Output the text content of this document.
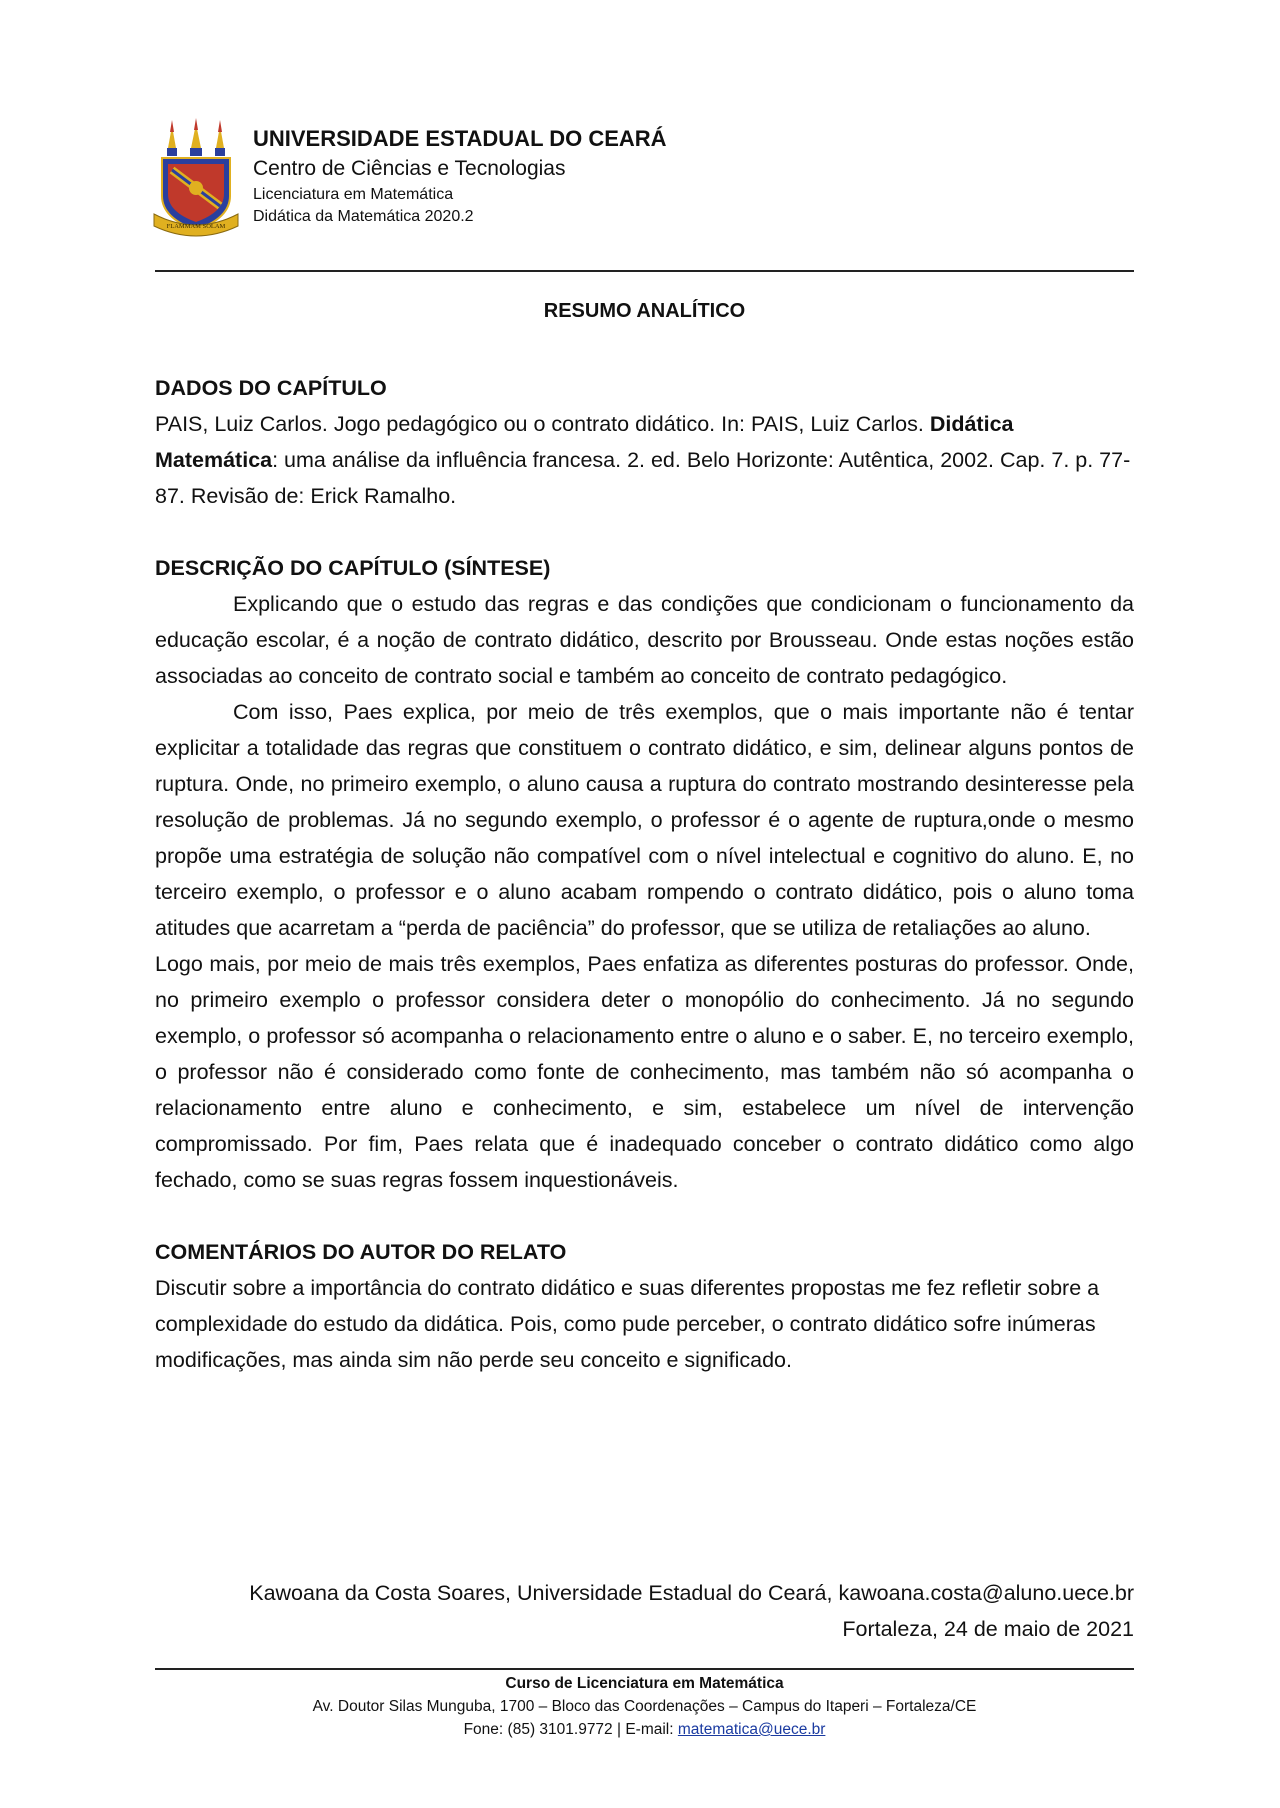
FLAMMAM SOLAM
UNIVERSIDADE ESTADUAL DO CEARÁ
Centro de Ciências e Tecnologias
Licenciatura em Matemática
Didática da Matemática 2020.2
RESUMO ANALÍTICO
DADOS DO CAPÍTULO

PAIS, Luiz Carlos. Jogo pedagógico ou o contrato didático. In: PAIS, Luiz Carlos. Didática Matemática: uma análise da influência francesa. 2. ed. Belo Horizonte: Autêntica, 2002. Cap. 7. p. 77-87. Revisão de: Erick Ramalho.

DESCRIÇÃO DO CAPÍTULO (SÍNTESE)

Explicando que o estudo das regras e das condições que condicionam o funcionamento da educação escolar, é a noção de contrato didático, descrito por Brousseau. Onde estas noções estão associadas ao conceito de contrato social e também ao conceito de contrato pedagógico.

Com isso, Paes explica, por meio de três exemplos, que o mais importante não é tentar explicitar a totalidade das regras que constituem o contrato didático, e sim, delinear alguns pontos de ruptura. Onde, no primeiro exemplo, o aluno causa a ruptura do contrato mostrando desinteresse pela resolução de problemas. Já no segundo exemplo, o professor é o agente de ruptura,onde o mesmo propõe uma estratégia de solução não compatível com o nível intelectual e cognitivo do aluno. E, no terceiro exemplo, o professor e o aluno acabam rompendo o contrato didático, pois o aluno toma atitudes que acarretam a “perda de paciência” do professor, que se utiliza de retaliações ao aluno.

Logo mais, por meio de mais três exemplos, Paes enfatiza as diferentes posturas do professor. Onde, no primeiro exemplo o professor considera deter o monopólio do conhecimento. Já no segundo exemplo, o professor só acompanha o relacionamento entre o aluno e o saber. E, no terceiro exemplo, o professor não é considerado como fonte de conhecimento, mas também não só acompanha o relacionamento entre aluno e conhecimento, e sim, estabelece um nível de intervenção compromissado. Por fim, Paes relata que é inadequado conceber o contrato didático como algo fechado, como se suas regras fossem inquestionáveis.

COMENTÁRIOS DO AUTOR DO RELATO

Discutir sobre a importância do contrato didático e suas diferentes propostas me fez refletir sobre a complexidade do estudo da didática. Pois, como pude perceber, o contrato didático sofre inúmeras modificações, mas ainda sim não perde seu conceito e significado.

Kawoana da Costa Soares, Universidade Estadual do Ceará, kawoana.costa@aluno.uece.br
Fortaleza, 24 de maio de 2021
Curso de Licenciatura em Matemática
Av. Doutor Silas Munguba, 1700 – Bloco das Coordenações – Campus do Itaperi – Fortaleza/CE
Fone: (85) 3101.9772 | E-mail: matematica@uece.br
